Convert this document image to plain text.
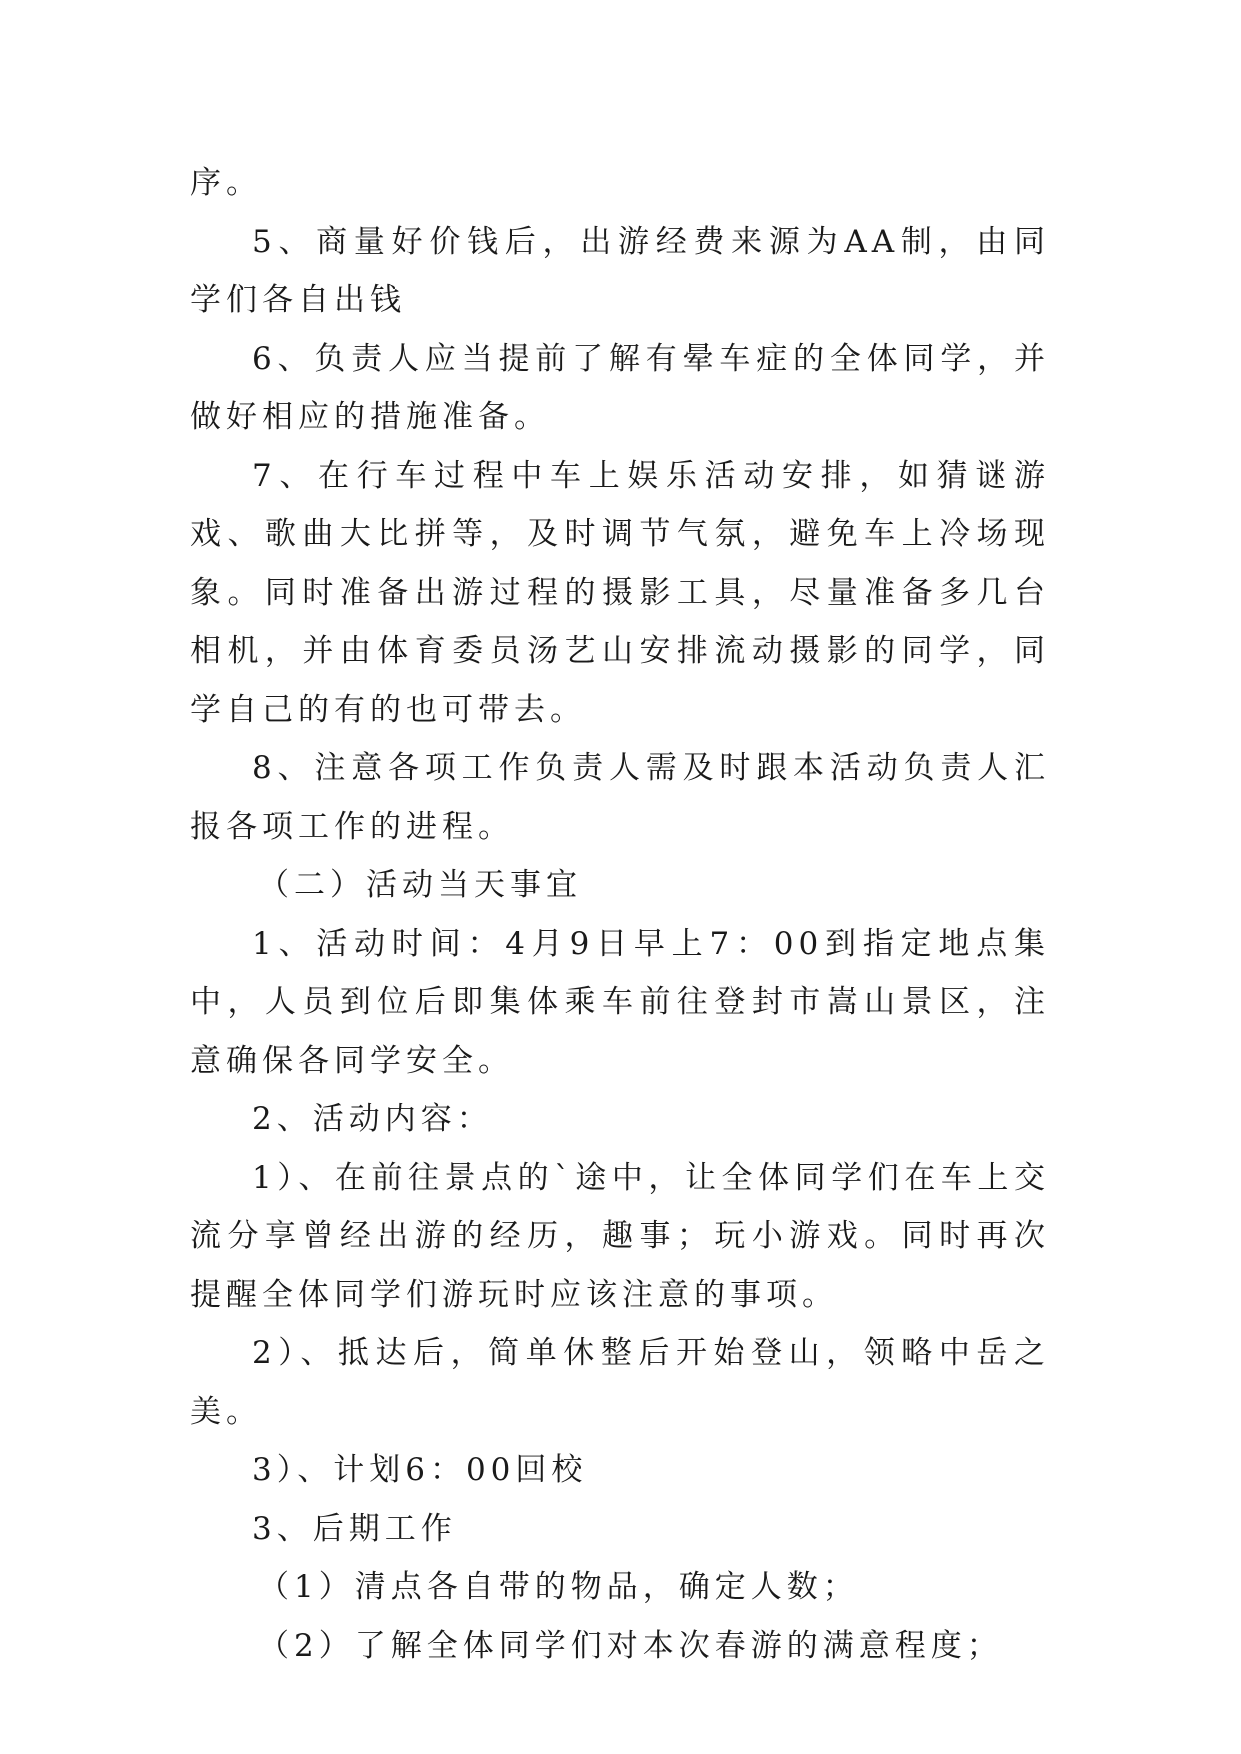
序。

5、商量好价钱后，出游经费来源为AA制，由同学们各自出钱

6、负责人应当提前了解有晕车症的全体同学，并做好相应的措施准备。

7、在行车过程中车上娱乐活动安排，如猜谜游戏、歌曲大比拼等，及时调节气氛，避免车上冷场现象。同时准备出游过程的摄影工具，尽量准备多几台相机，并由体育委员汤艺山安排流动摄影的同学，同学自己的有的也可带去。

8、注意各项工作负责人需及时跟本活动负责人汇报各项工作的进程。

（二）活动当天事宜

1、活动时间：4月9日早上7：00到指定地点集中，人员到位后即集体乘车前往登封市嵩山景区，注意确保各同学安全。

2、活动内容：

1）、在前往景点的`途中，让全体同学们在车上交流分享曾经出游的经历，趣事；玩小游戏。同时再次提醒全体同学们游玩时应该注意的事项。

2）、抵达后，简单休整后开始登山，领略中岳之美。

3）、计划6：00回校

3、后期工作

（1）清点各自带的物品，确定人数；

（2）了解全体同学们对本次春游的满意程度；
